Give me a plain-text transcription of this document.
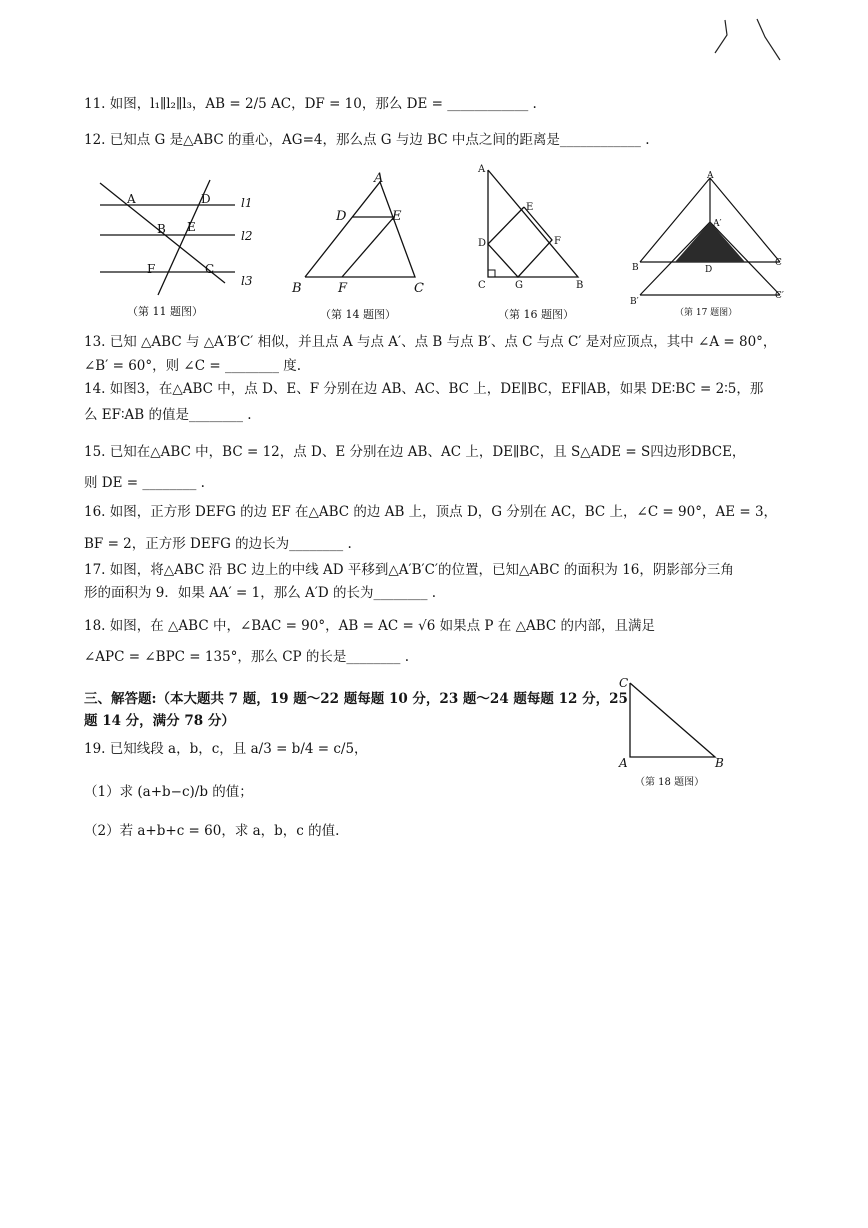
11. 如图，l₁∥l₂∥l₃，AB = 2/5 AC，DF = 10，那么 DE = ____________ .
12. 已知点 G 是△ABC 的重心，AG=4，那么点 G 与边 BC 中点之间的距离是____________ .
A	D
B E
F	C
l1
l2
l3
（第 11 题图）
A
D	E
B	F	C
（第 14 题图）
A
E
D	F
C	G	B
（第 16 题图）
A
A′
B	D
C
B′
C′
（第 17 题图）
13. 已知 △ABC 与 △A′B′C′ 相似，并且点 A 与点 A′、点 B 与点 B′、点 C 与点 C′ 是对应顶点，其中 ∠A = 80°，
∠B′ = 60°，则 ∠C = ________ 度.
14. 如图3，在△ABC 中，点 D、E、F 分别在边 AB、AC、BC 上，DE∥BC，EF∥AB，如果 DE∶BC = 2∶5，那
么 EF∶AB 的值是________ .
15. 已知在△ABC 中，BC = 12，点 D、E 分别在边 AB、AC 上，DE∥BC，且 S△ADE = S四边形DBCE，
则 DE = ________ .
16. 如图，正方形 DEFG 的边 EF 在△ABC 的边 AB 上，顶点 D，G 分别在 AC，BC 上，∠C = 90°，AE = 3，
BF = 2，正方形 DEFG 的边长为________ .
17. 如图，将△ABC 沿 BC 边上的中线 AD 平移到△A′B′C′的位置，已知△ABC 的面积为 16，阴影部分三角
形的面积为 9．如果 AA′ = 1，那么 A′D 的长为________ .
18. 如图，在 △ABC 中，∠BAC = 90°，AB = AC = √6 如果点 P 在 △ABC 的内部，且满足
∠APC = ∠BPC = 135°，那么 CP 的长是________ .
三、解答题:（本大题共 7 题，19 题～22 题每题 10 分，23 题～24 题每题 12 分，25
题 14 分，满分 78 分）
19. 已知线段 a，b，c，且 a/3 = b/4 = c/5，
（1）求 (a+b−c)/b 的值；
（2）若 a+b+c = 60，求 a，b，c 的值.
C
A	B
（第 18 题图）
